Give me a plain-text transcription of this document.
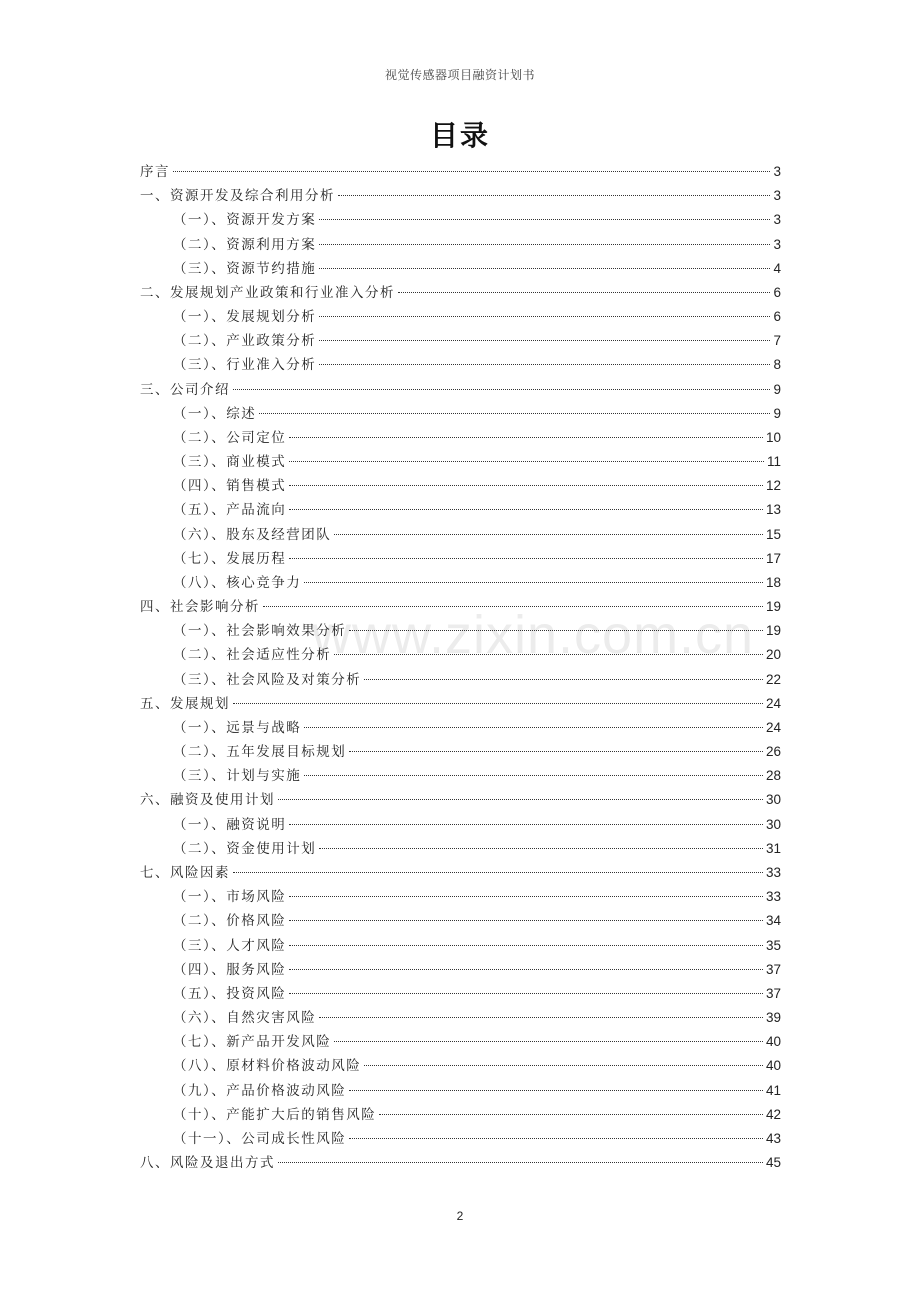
视觉传感器项目融资计划书
目录
www.zixin.com.cn
序言	3
一、资源开发及综合利用分析	3
（一）、资源开发方案	3
（二）、资源利用方案	3
（三）、资源节约措施	4
二、发展规划产业政策和行业准入分析	6
（一）、发展规划分析	6
（二）、产业政策分析	7
（三）、行业准入分析	8
三、公司介绍	9
（一）、综述	9
（二）、公司定位	10
（三）、商业模式	11
（四）、销售模式	12
（五）、产品流向	13
（六）、股东及经营团队	15
（七）、发展历程	17
（八）、核心竞争力	18
四、社会影响分析	19
（一）、社会影响效果分析	19
（二）、社会适应性分析	20
（三）、社会风险及对策分析	22
五、发展规划	24
（一）、远景与战略	24
（二）、五年发展目标规划	26
（三）、计划与实施	28
六、融资及使用计划	30
（一）、融资说明	30
（二）、资金使用计划	31
七、风险因素	33
（一）、市场风险	33
（二）、价格风险	34
（三）、人才风险	35
（四）、服务风险	37
（五）、投资风险	37
（六）、自然灾害风险	39
（七）、新产品开发风险	40
（八）、原材料价格波动风险	40
（九）、产品价格波动风险	41
（十）、产能扩大后的销售风险	42
（十一）、公司成长性风险	43
八、风险及退出方式	45
2
